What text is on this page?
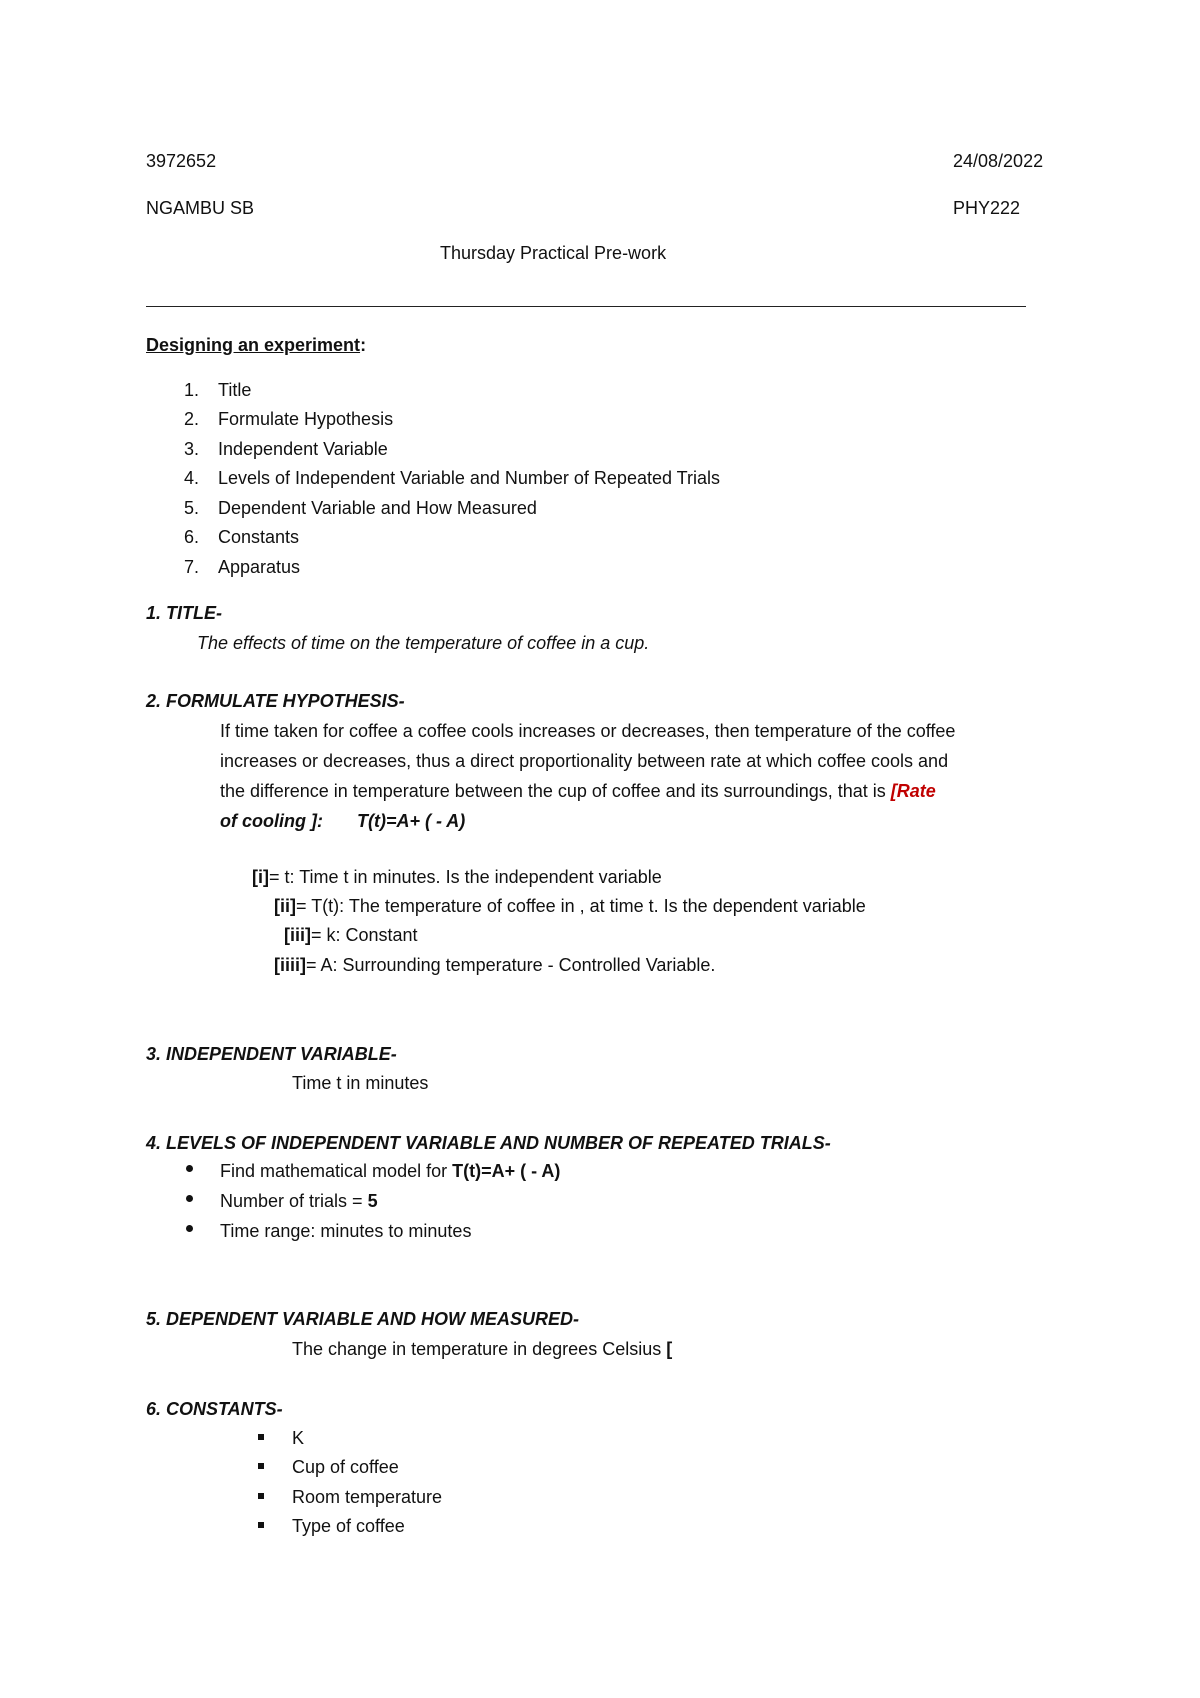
3972652	24/08/2022
NGAMBU SB	PHY222
Thursday Practical Pre-work
Designing an experiment:
1. Title
2. Formulate Hypothesis
3. Independent Variable
4. Levels of Independent Variable and Number of Repeated Trials
5. Dependent Variable and How Measured
6. Constants
7. Apparatus
1. TITLE-
The effects of time on the temperature of coffee in a cup.
2. FORMULATE HYPOTHESIS-
If time taken for coffee a coffee cools increases or decreases, then temperature of the coffee
increases or decreases, thus a direct proportionality between rate at which coffee cools and
the difference in temperature between the cup of coffee and its surroundings, that is [Rate
of cooling ]: T(t)=A+ ( - A)
[i]= t: Time t in minutes. Is the independent variable
[ii]= T(t): The temperature of coffee in , at time t. Is the dependent variable
[iii]= k: Constant
[iiii]= A: Surrounding temperature - Controlled Variable.
3. INDEPENDENT VARIABLE-
Time t in minutes
4. LEVELS OF INDEPENDENT VARIABLE AND NUMBER OF REPEATED TRIALS-
Find mathematical model for T(t)=A+ ( - A)
Number of trials = 5
Time range: minutes to minutes
5. DEPENDENT VARIABLE AND HOW MEASURED-
The change in temperature in degrees Celsius [
6. CONSTANTS-
K
Cup of coffee
Room temperature
Type of coffee
